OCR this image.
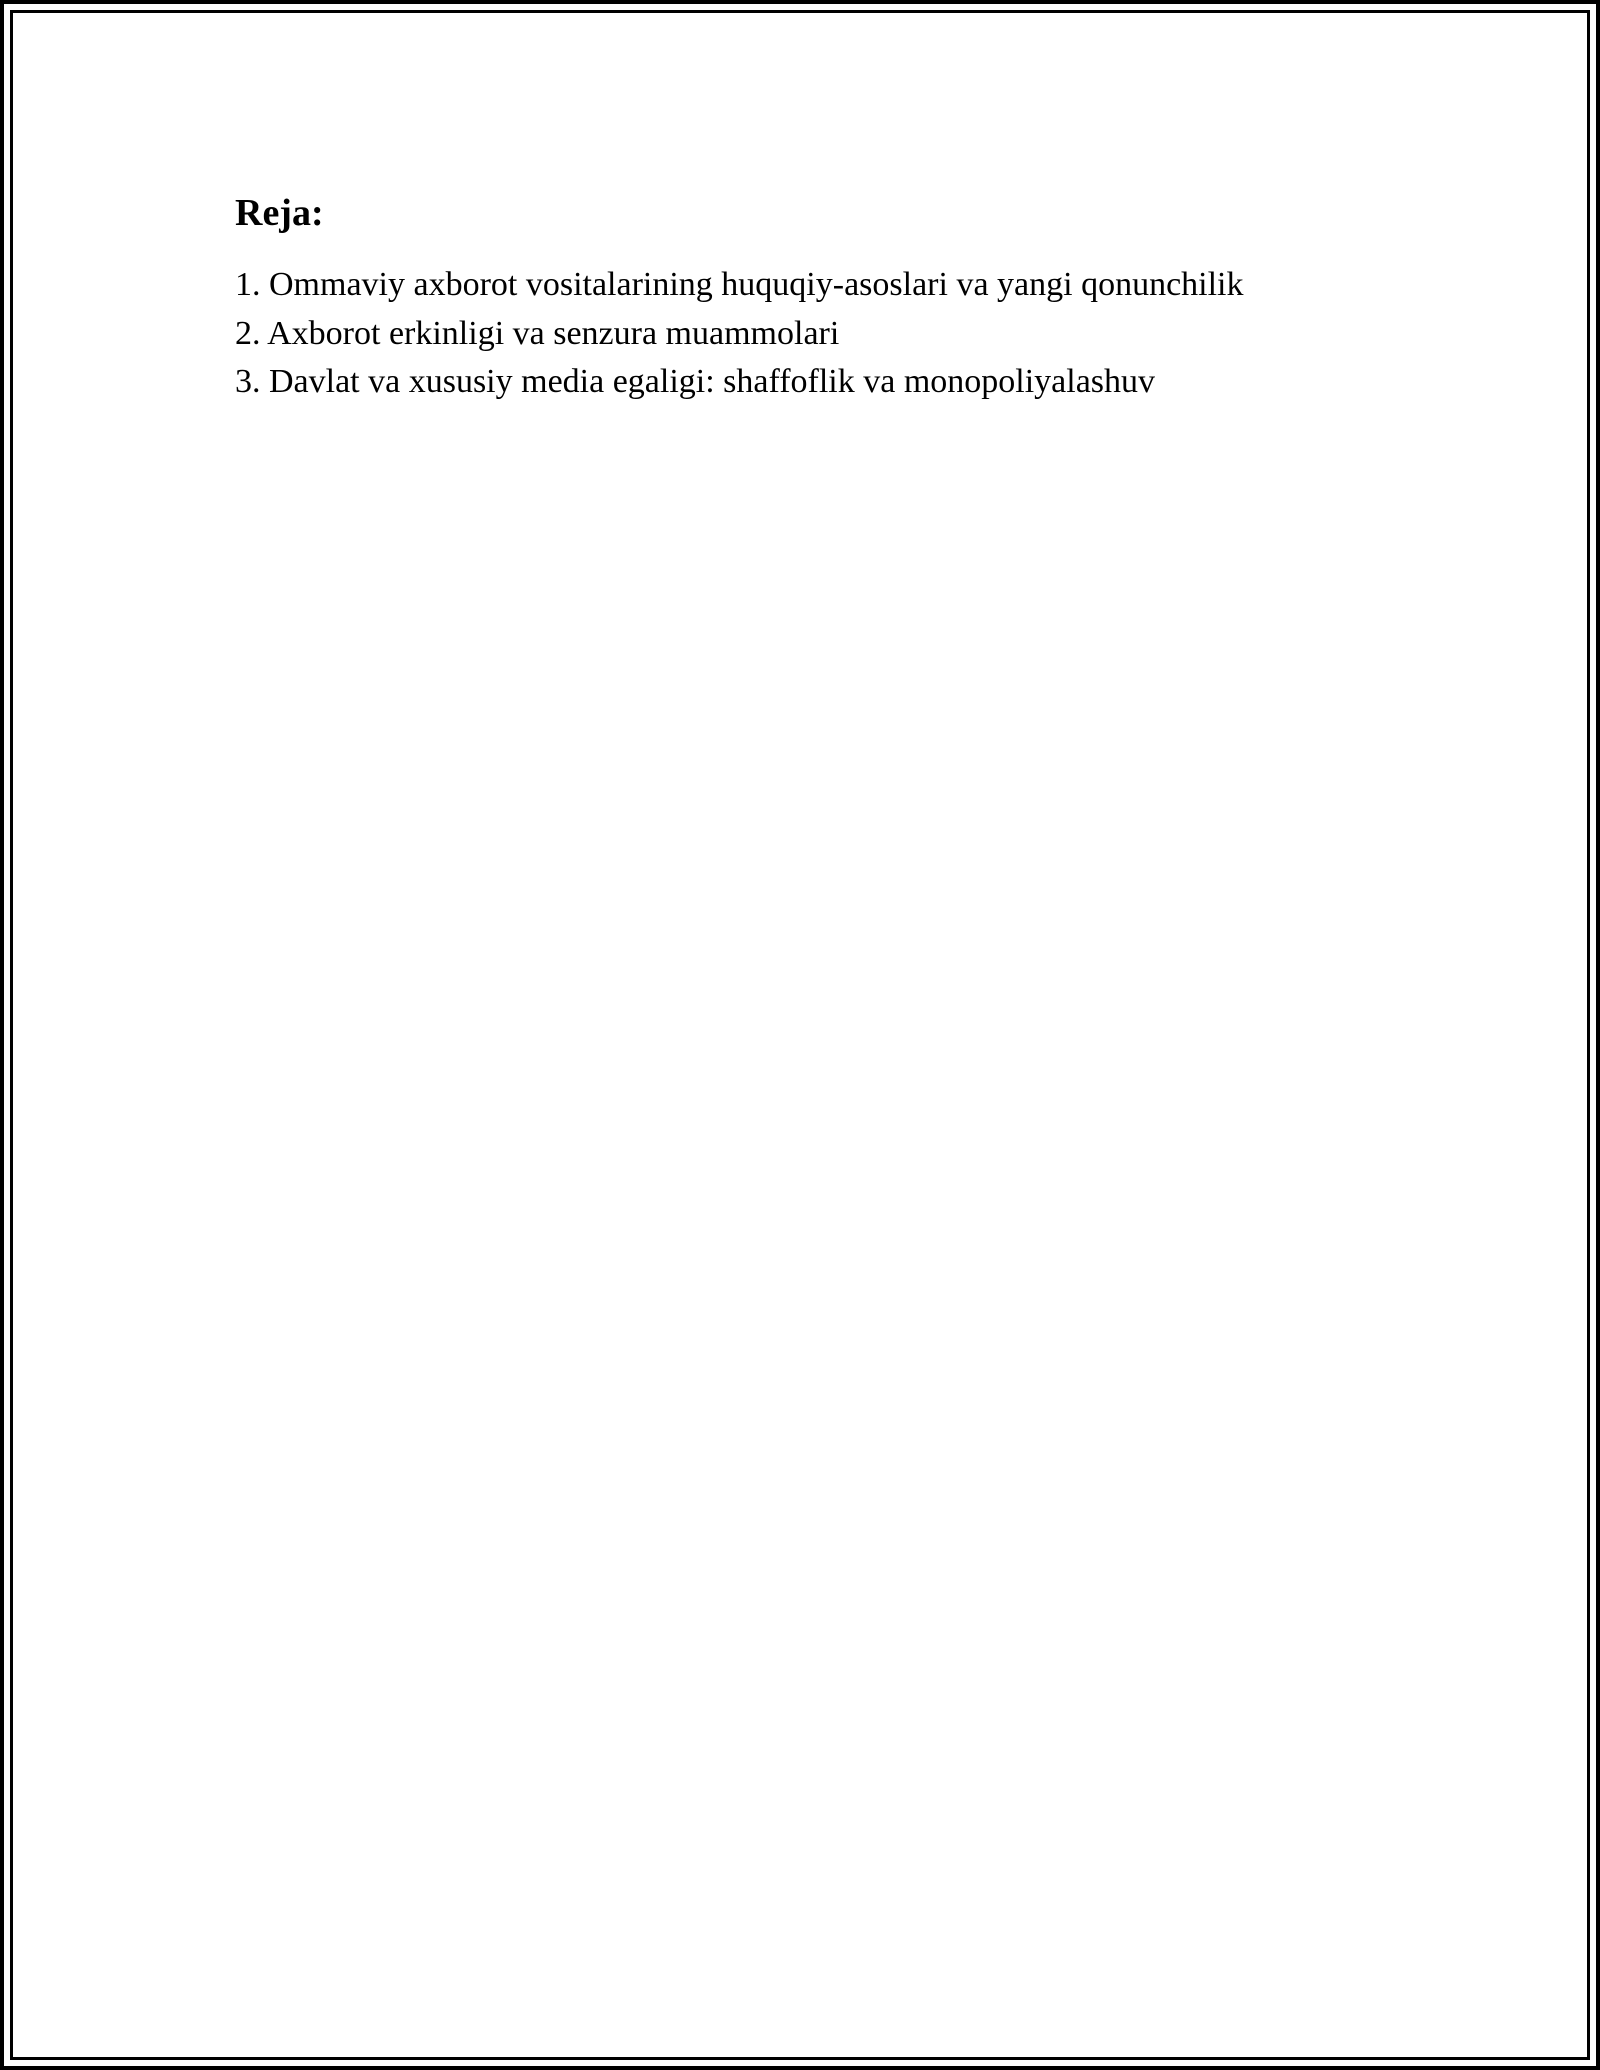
Reja:
1. Ommaviy axborot vositalarining huquqiy-asoslari va yangi qonunchilik
2. Axborot erkinligi va senzura muammolari
3. Davlat va xususiy media egaligi: shaffoflik va monopoliyalashuv
